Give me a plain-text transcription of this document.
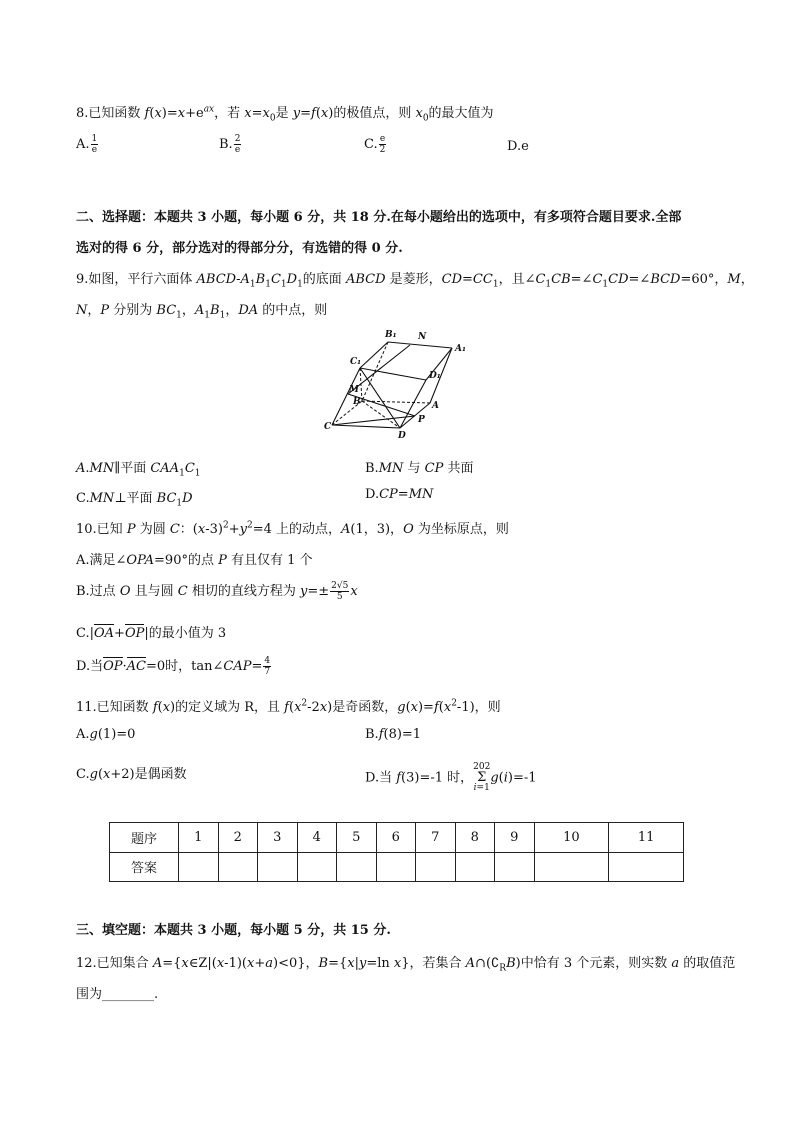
8.已知函数 $f(x)=x+e^{ax}$，若 $x=x_0$是 y=f(x)的极值点，则 $x_0$的最大值为
A. $\frac{1}{e}$	B. $\frac{2}{e}$	C. $\frac{e}{2}$	D.e
二、选择题：本题共 3 小题，每小题 6 分，共 18 分.在每小题给出的选项中，有多项符合题目要求.全部
选对的得 6 分，部分选对的得部分分，有选错的得 0 分.
9.如图，平行六面体 ABCD-$A_1B_1C_1D_1$的底面 ABCD 是菱形，$CD=CC_1$，且$\angle C_1CB=\angle C_1CD=\angle BCD=60^\circ$，M，
N，P 分别为 $BC_1$，$A_1B_1$，DA 的中点，则
B₁ N
A₁
C₁
D₁
M
B	A
C
D
P
A.MN∥平面 $CAA_1C_1$	B.MN 与 CP 共面
C.MN⊥平面 $BC_1D$	D.CP=MN
10.已知 P 为圆 C：$(x-3)^2+y^2=4$ 上的动点，A(1，3)，O 为坐标原点，则
A.满足∠OPA=90°的点 P 有且仅有 1 个
B.过点 O 且与圆 C 相切的直线方程为 $y=\pm \frac{2√5}{5}$ x
C.|OA+OP|的最小值为 3
D.当OP·AC=0时，tan∠CAP= $\frac{4}{7}$
11.已知函数 f(x)的定义域为 R，且 $f(x^2-2x)$是奇函数，$g(x)=f(x^2-1)$，则
A.g(1)=0	B.f(8)=1
C.g(x+2)是偶函数	D.当 f(3)=-1 时，
202
Σ
i=1
g(i)=-1
题序	1	2	3	4	5	6	7	8	9	10	11
答案											
三、填空题：本题共 3 小题，每小题 5 分，共 15 分.
12.已知集合 A={x∈Z|(x-1)(x+a)<0}，B={x|y=ln x}，若集合 $A\cap(∁_RB)$中恰有 3 个元素，则实数 a 的取值范
围为________.
